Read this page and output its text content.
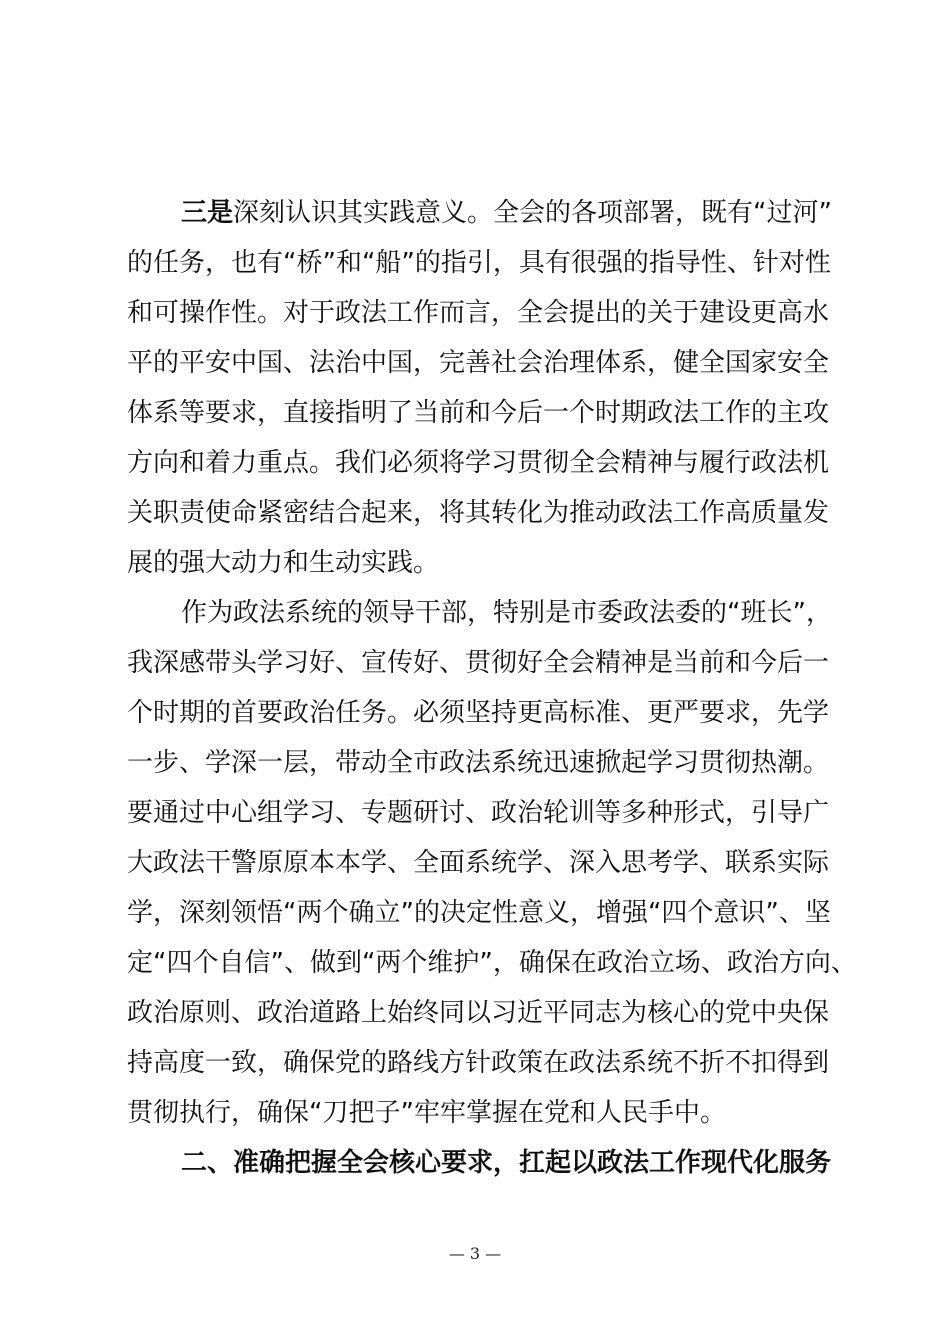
三是深刻认识其实践意义。全会的各项部署，既有“过河”
的任务，也有“桥”和“船”的指引，具有很强的指导性、针对性
和可操作性。对于政法工作而言，全会提出的关于建设更高水
平的平安中国、法治中国，完善社会治理体系，健全国家安全
体系等要求，直接指明了当前和今后一个时期政法工作的主攻
方向和着力重点。我们必须将学习贯彻全会精神与履行政法机
关职责使命紧密结合起来，将其转化为推动政法工作高质量发
展的强大动力和生动实践。
作为政法系统的领导干部，特别是市委政法委的“班长”，
我深感带头学习好、宣传好、贯彻好全会精神是当前和今后一
个时期的首要政治任务。必须坚持更高标准、更严要求，先学
一步、学深一层，带动全市政法系统迅速掀起学习贯彻热潮。
要通过中心组学习、专题研讨、政治轮训等多种形式，引导广
大政法干警原原本本学、全面系统学、深入思考学、联系实际
学，深刻领悟“两个确立”的决定性意义，增强“四个意识”、坚
定“四个自信”、做到“两个维护”，确保在政治立场、政治方向、
政治原则、政治道路上始终同以习近平同志为核心的党中央保
持高度一致，确保党的路线方针政策在政法系统不折不扣得到
贯彻执行，确保“刀把子”牢牢掌握在党和人民手中。
二、准确把握全会核心要求，扛起以政法工作现代化服务
— 3 —
